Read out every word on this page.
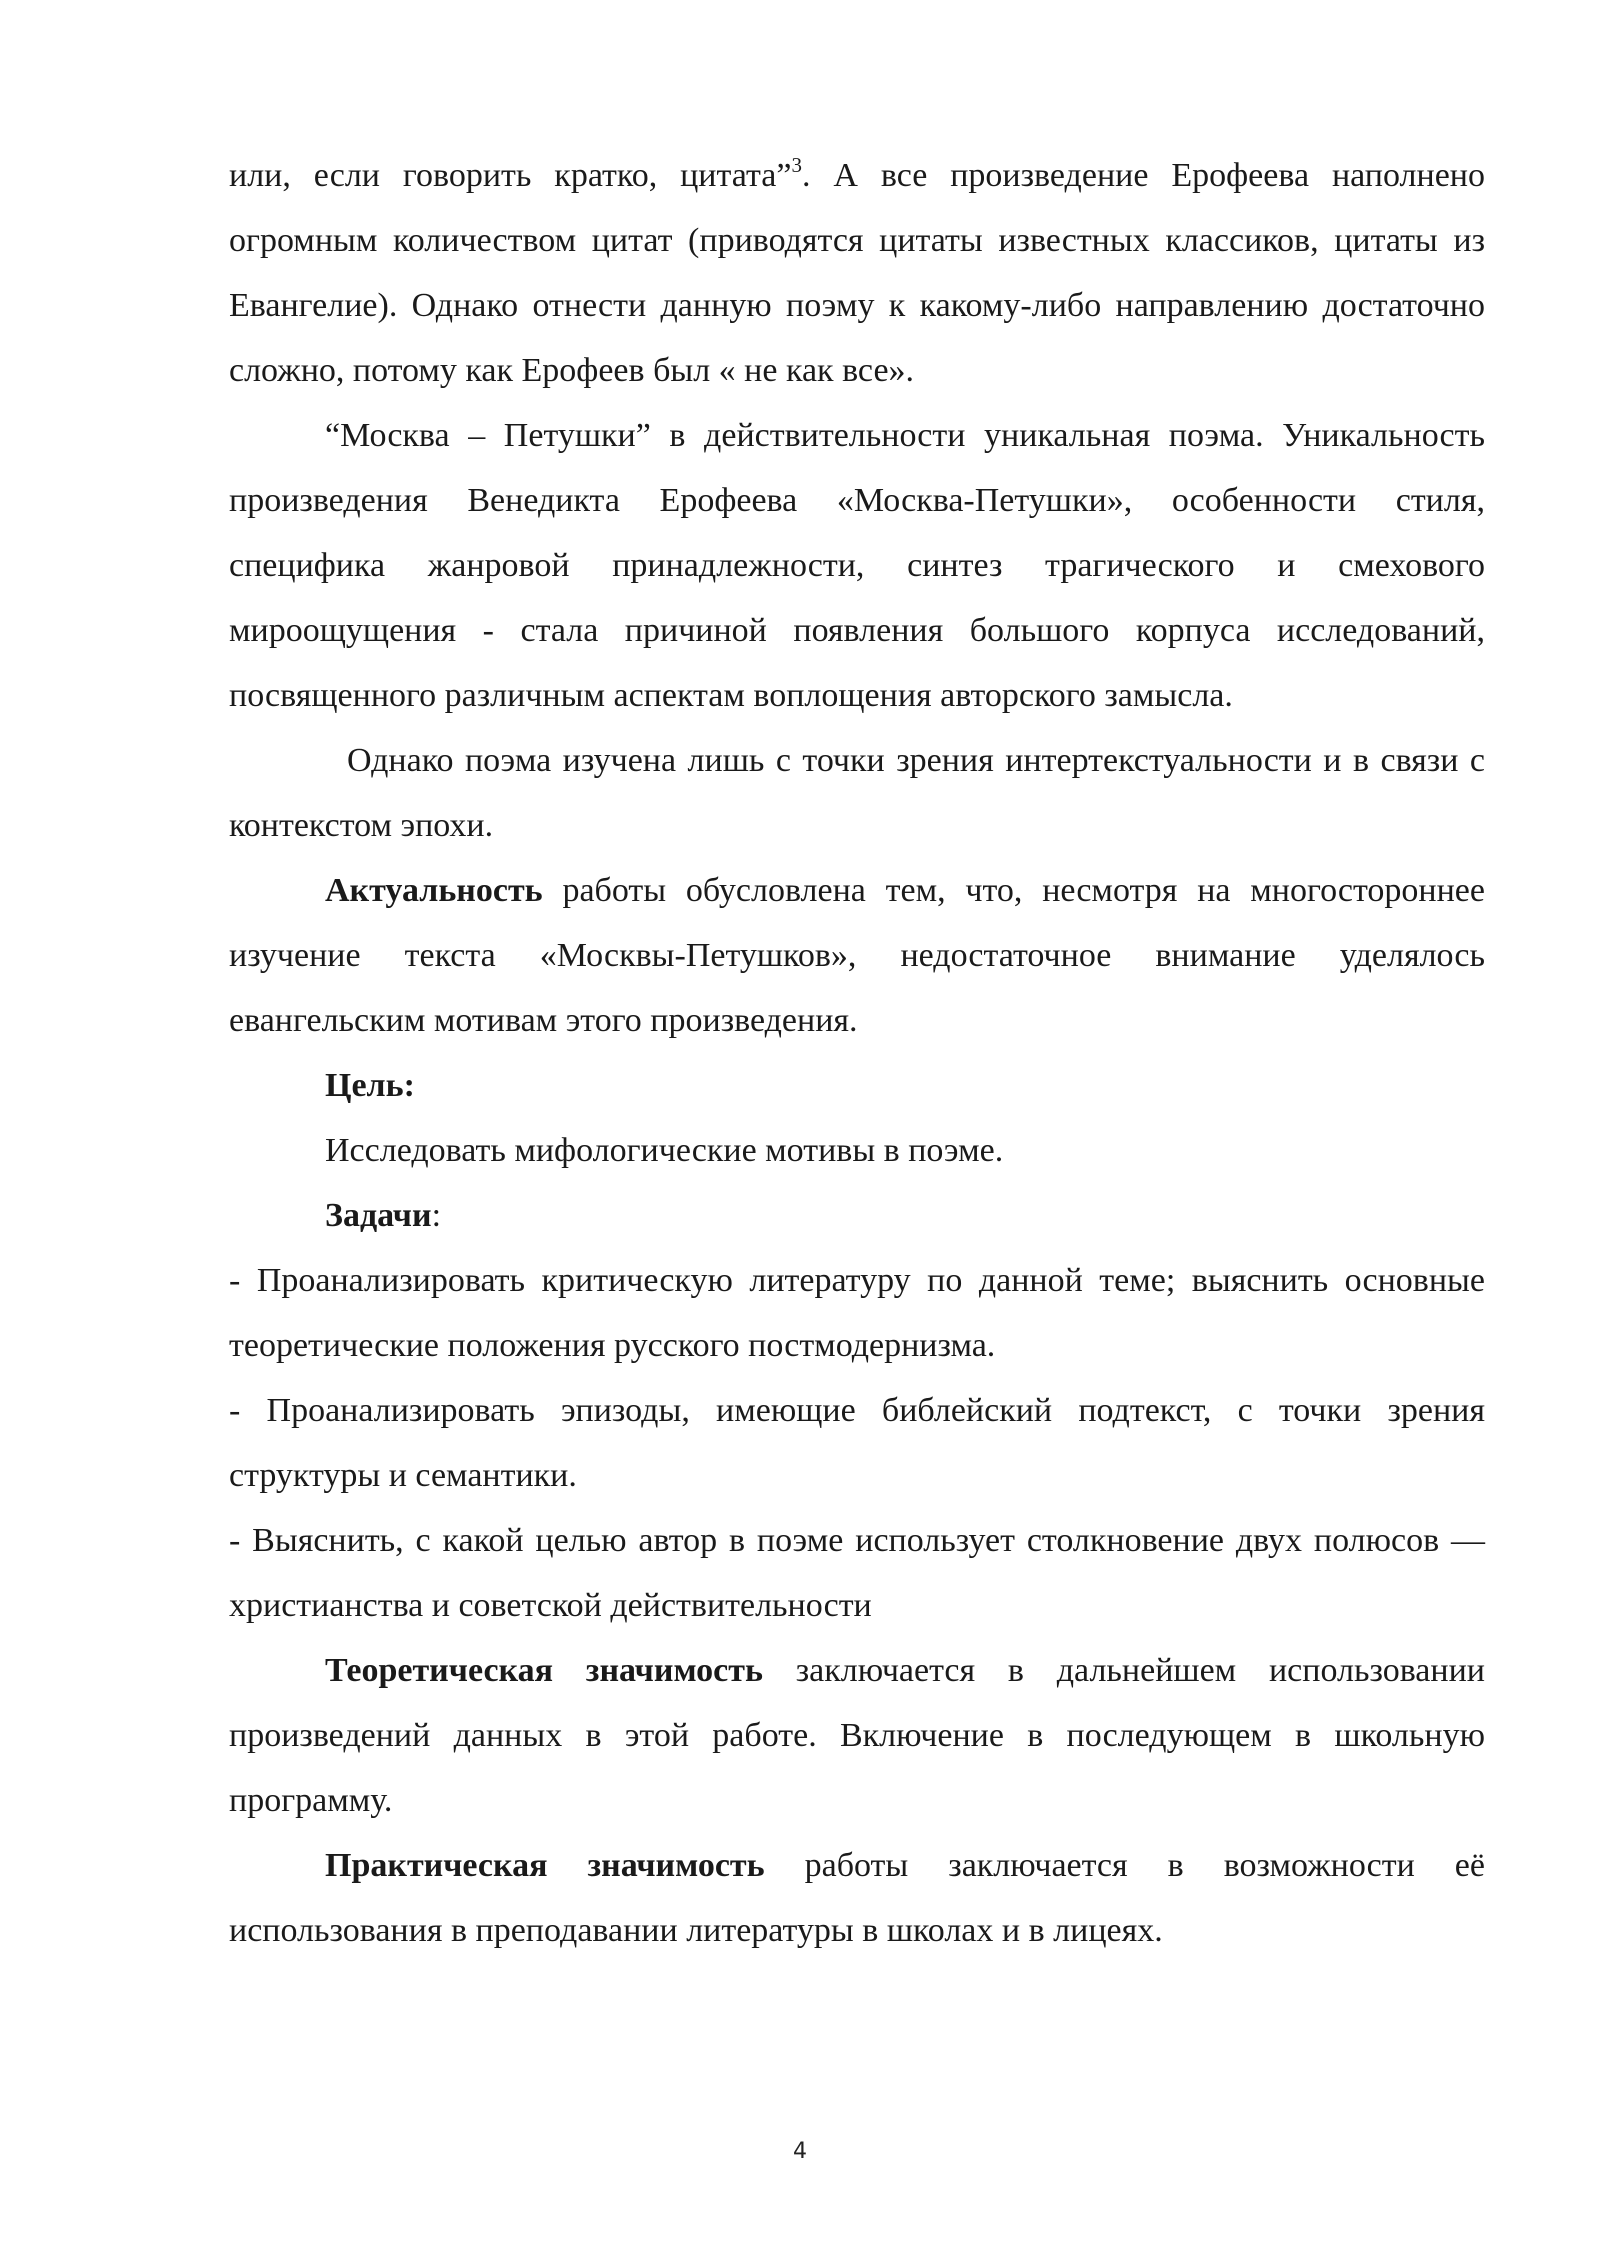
или, если говорить кратко, цитата”$^3$. А все произведение Ерофеева наполнено огромным количеством цитат (приводятся цитаты известных классиков, цитаты из Евангелие). Однако отнести данную поэму к какому-либо направлению достаточно сложно, потому как Ерофеев был « не как все».

“Москва – Петушки” в действительности уникальная поэма. Уникальность произведения Венедикта Ерофеева «Москва-Петушки», особенности стиля, специфика жанровой принадлежности, синтез трагического и смехового мироощущения - стала причиной появления большого корпуса исследований, посвященного различным аспектам воплощения авторского замысла.

Однако поэма изучена лишь с точки зрения интертекстуальности и в связи с контекстом эпохи.

Актуальность работы обусловлена тем, что, несмотря на многостороннее изучение текста «Москвы-Петушков», недостаточное внимание уделялось евангельским мотивам этого произведения.

Цель:

Исследовать мифологические мотивы в поэме.

Задачи:

- Проанализировать критическую литературу по данной теме; выяснить основные теоретические положения русского постмодернизма.

- Проанализировать эпизоды, имеющие библейский подтекст, с точки зрения структуры и семантики.

- Выяснить, с какой целью автор в поэме использует столкновение двух полюсов — христианства и советской действительности

Теоретическая значимость заключается в дальнейшем использовании произведений данных в этой работе. Включение в последующем в школьную программу.

Практическая значимость работы заключается в возможности её использования в преподавании литературы в школах и в лицеях.

4
